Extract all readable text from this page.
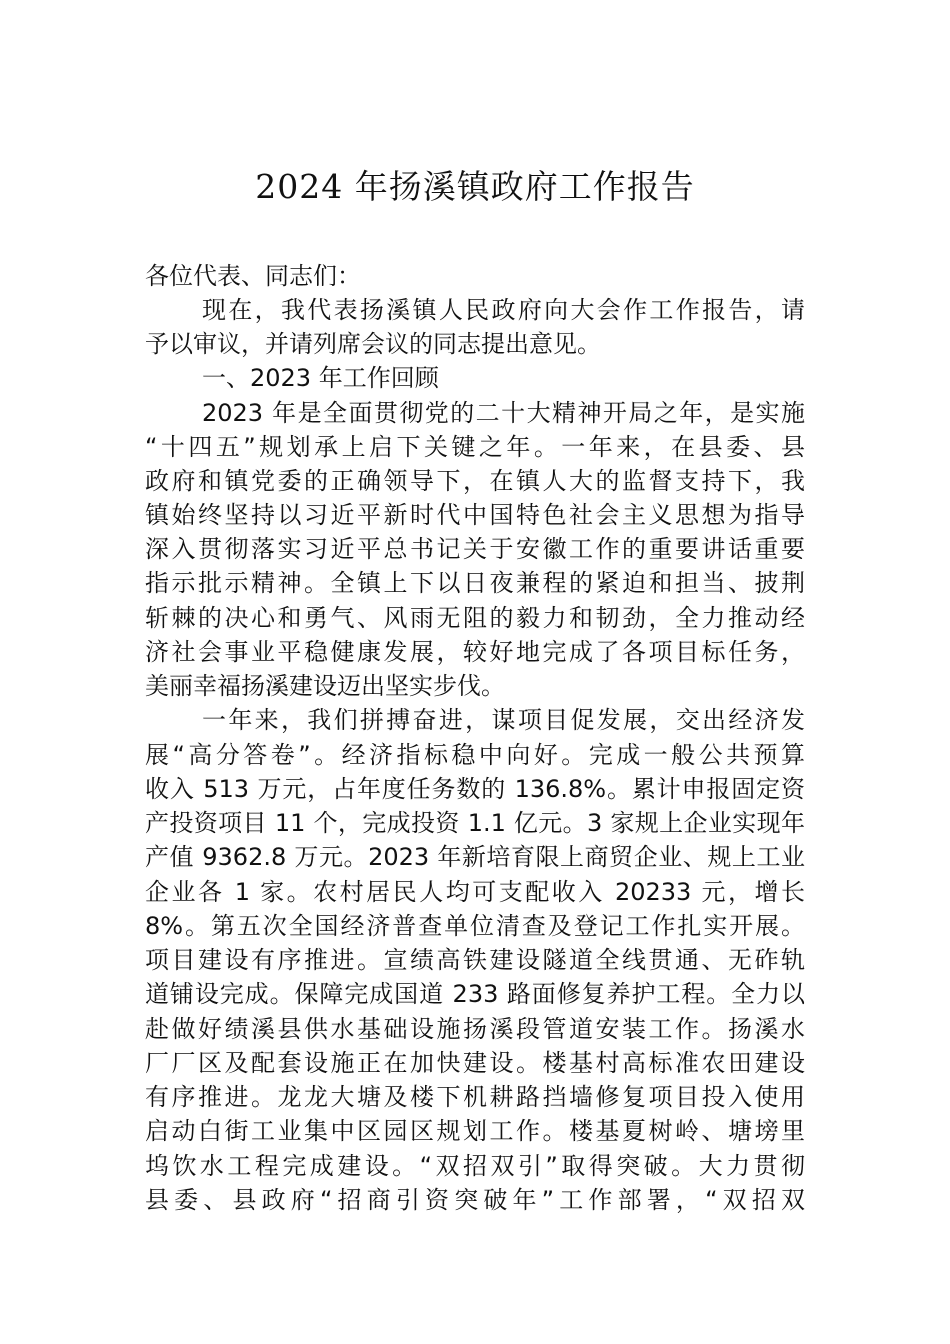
2024 年扬溪镇政府工作报告
各位代表、同志们：
现在，我代表扬溪镇人民政府向大会作工作报告，请
予以审议，并请列席会议的同志提出意见。
一、2023 年工作回顾
2023 年是全面贯彻党的二十大精神开局之年，是实施
“十四五”规划承上启下关键之年。一年来，在县委、县
政府和镇党委的正确领导下，在镇人大的监督支持下，我
镇始终坚持以习近平新时代中国特色社会主义思想为指导
深入贯彻落实习近平总书记关于安徽工作的重要讲话重要
指示批示精神。全镇上下以日夜兼程的紧迫和担当、披荆
斩棘的决心和勇气、风雨无阻的毅力和韧劲，全力推动经
济社会事业平稳健康发展，较好地完成了各项目标任务，
美丽幸福扬溪建设迈出坚实步伐。
一年来，我们拼搏奋进，谋项目促发展，交出经济发
展“高分答卷”。经济指标稳中向好。完成一般公共预算
收入 513 万元，占年度任务数的 136.8%。累计申报固定资
产投资项目 11 个，完成投资 1.1 亿元。3 家规上企业实现年
产值 9362.8 万元。2023 年新培育限上商贸企业、规上工业
企业各 1 家。农村居民人均可支配收入 20233 元，增长
8%。第五次全国经济普查单位清查及登记工作扎实开展。
项目建设有序推进。宣绩高铁建设隧道全线贯通、无砟轨
道铺设完成。保障完成国道 233 路面修复养护工程。全力以
赴做好绩溪县供水基础设施扬溪段管道安装工作。扬溪水
厂厂区及配套设施正在加快建设。楼基村高标准农田建设
有序推进。龙龙大塘及楼下机耕路挡墙修复项目投入使用
启动白街工业集中区园区规划工作。楼基夏树岭、塘塝里
坞饮水工程完成建设。“双招双引”取得突破。大力贯彻
县委、县政府“招商引资突破年”工作部署，“双招双
